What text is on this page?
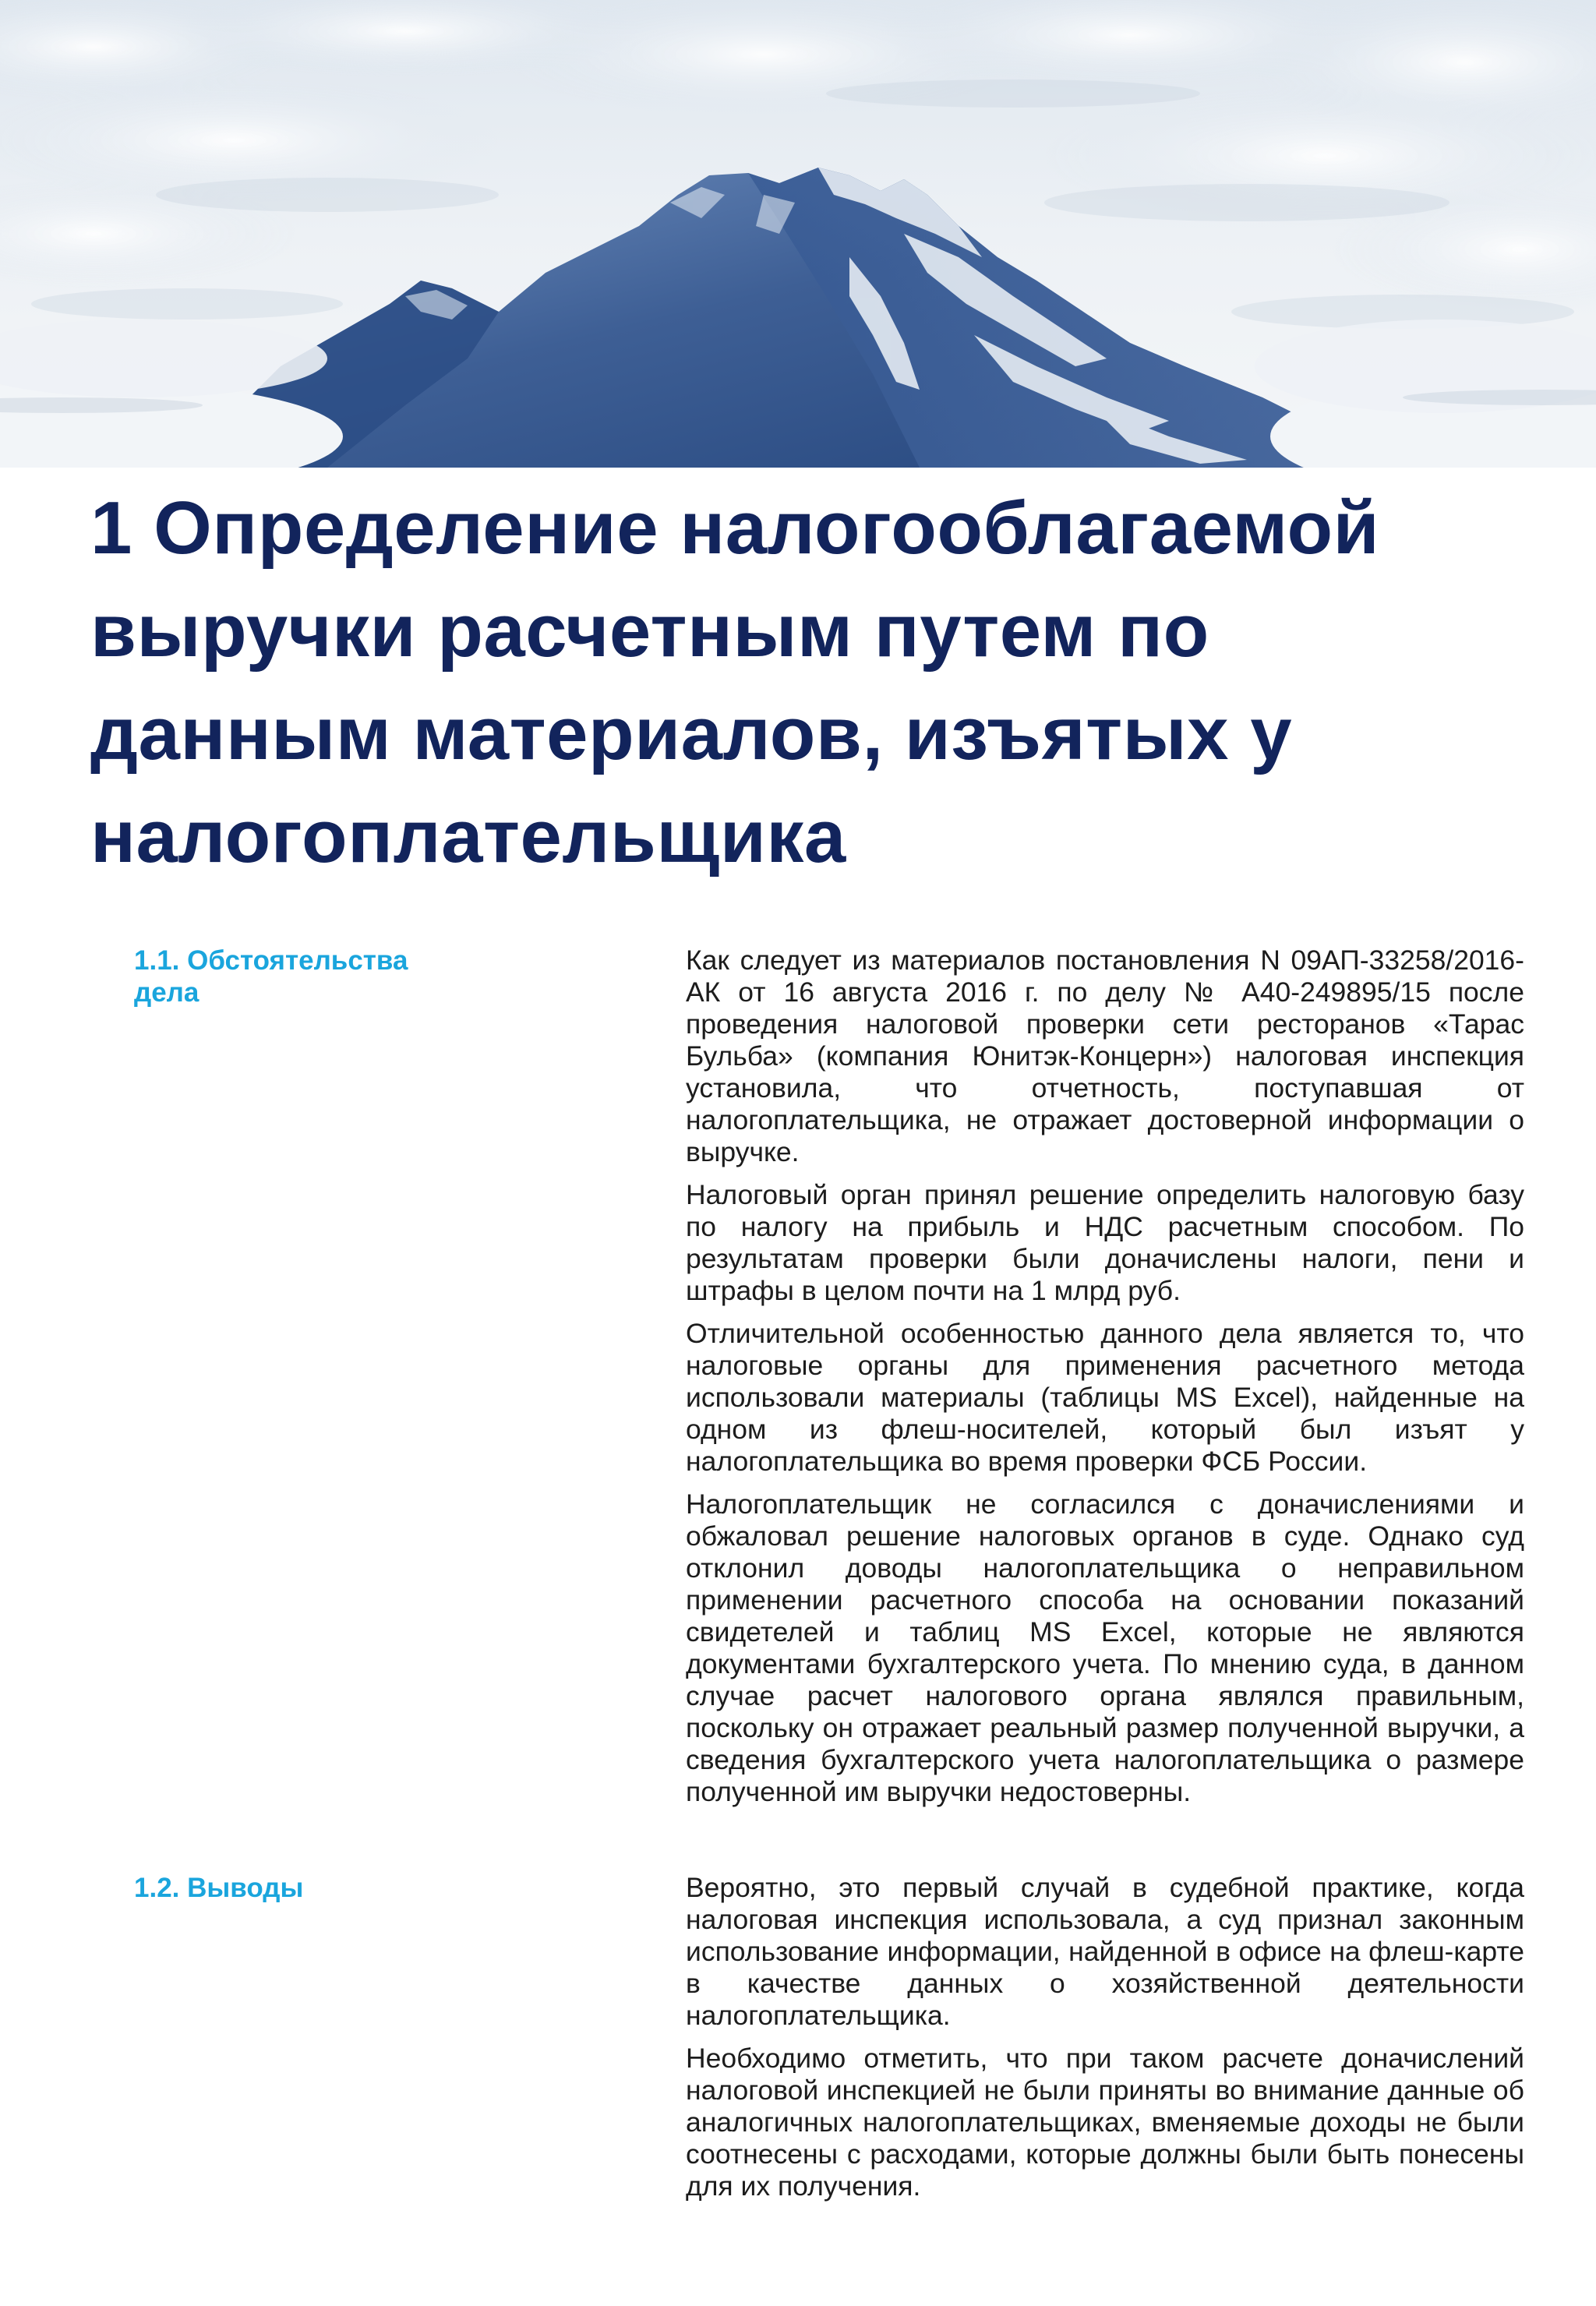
1 Определение налогооблагаемой
выручки расчетным путем по
данным материалов, изъятых у
налогоплательщика
1.1. Обстоятельства
дела

Как следует из материалов постановления N 09АП-33258/2016-АК от 16 августа 2016 г. по делу № А40-249895/15 после проведения налоговой проверки сети ресторанов «Тарас Бульба» (компания Юнитэк-Концерн») налоговая инспекция установила, что отчетность, поступавшая от налогоплательщика, не отражает достоверной информации о выручке.

Налоговый орган принял решение определить налоговую базу по налогу на прибыль и НДС расчетным способом. По результатам проверки были доначислены налоги, пени и штрафы в целом почти на 1 млрд руб.

Отличительной особенностью данного дела является то, что налоговые органы для применения расчетного метода использовали материалы (таблицы MS Excel), найденные на одном из флеш-носителей, который был изъят у налогоплательщика во время проверки ФСБ России.

Налогоплательщик не согласился с доначислениями и обжаловал решение налоговых органов в суде. Однако суд отклонил доводы налогоплательщика о неправильном применении расчетного способа на основании показаний свидетелей и таблиц MS Excel, которые не являются документами бухгалтерского учета. По мнению суда, в данном случае расчет налогового органа являлся правильным, поскольку он отражает реальный размер полученной выручки, а сведения бухгалтерского учета налогоплательщика о размере полученной им выручки недостоверны.

1.2. Выводы	Вероятно, это первый случай в судебной практике, когда налоговая инспекция использовала, а суд признал законным использование информации, найденной в офисе на флеш-карте в качестве данных о хозяйственной деятельности налогоплательщика.

Необходимо отметить, что при таком расчете доначислений налоговой инспекцией не были приняты во внимание данные об аналогичных налогоплательщиках, вменяемые доходы не были соотнесены с расходами, которые должны были быть понесены для их получения.
